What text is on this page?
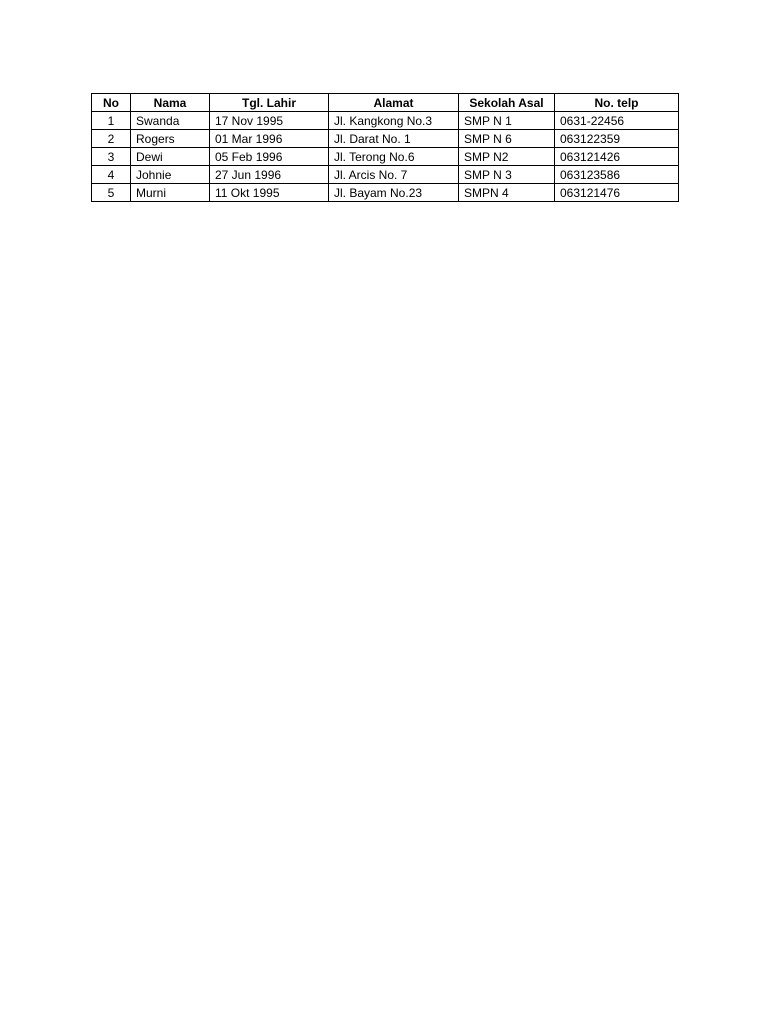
No	Nama	Tgl. Lahir	Alamat	Sekolah Asal	No. telp
1	Swanda	17 Nov 1995	Jl. Kangkong No.3	SMP N 1	0631-22456
2	Rogers	01 Mar 1996	Jl. Darat No. 1	SMP N 6	063122359
3	Dewi	05 Feb 1996	Jl. Terong No.6	SMP N2	063121426
4	Johnie	27 Jun 1996	Jl. Arcis No. 7	SMP N 3	063123586
5	Murni	11 Okt 1995	Jl. Bayam No.23	SMPN 4	063121476
